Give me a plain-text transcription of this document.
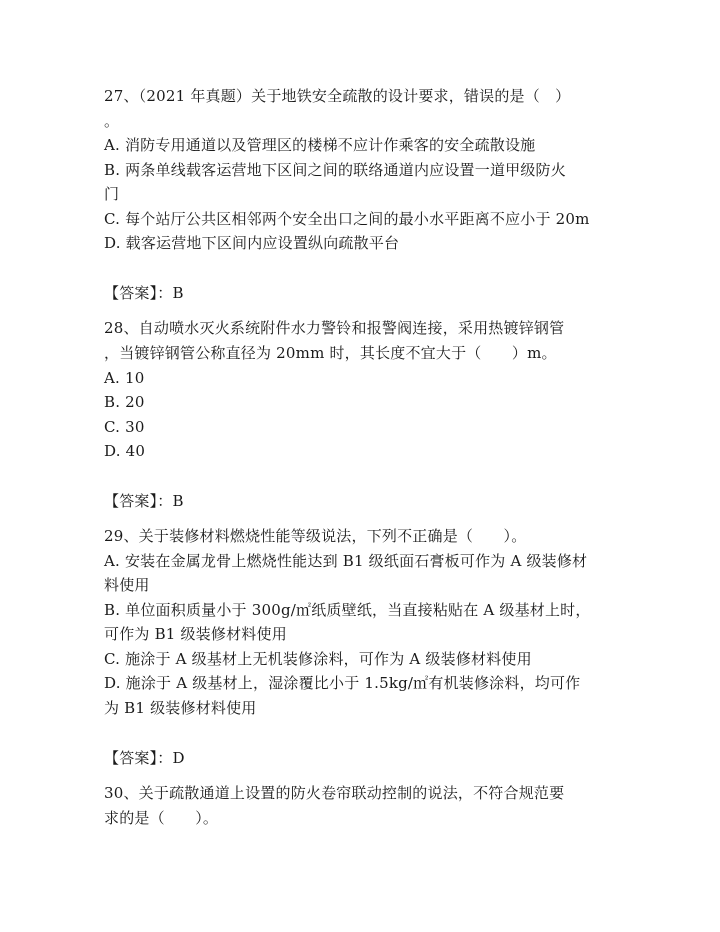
27、（2021 年真题）关于地铁安全疏散的设计要求，错误的是（　）
。
A. 消防专用通道以及管理区的楼梯不应计作乘客的安全疏散设施
B. 两条单线载客运营地下区间之间的联络通道内应设置一道甲级防火
门
C. 每个站厅公共区相邻两个安全出口之间的最小水平距离不应小于 20m
D. 载客运营地下区间内应设置纵向疏散平台
【答案】：B
28、自动喷水灭火系统附件水力警铃和报警阀连接，采用热镀锌钢管
，当镀锌钢管公称直径为 20mm 时，其长度不宜大于（　　）m。
A. 10
B. 20
C. 30
D. 40
【答案】：B
29、关于装修材料燃烧性能等级说法，下列不正确是（　　）。
A. 安装在金属龙骨上燃烧性能达到 B1 级纸面石膏板可作为 A 级装修材
料使用
B. 单位面积质量小于 300g/㎡纸质壁纸，当直接粘贴在 A 级基材上时，
可作为 B1 级装修材料使用
C. 施涂于 A 级基材上无机装修涂料，可作为 A 级装修材料使用
D. 施涂于 A 级基材上，湿涂覆比小于 1.5kg/㎡有机装修涂料，均可作
为 B1 级装修材料使用
【答案】：D
30、关于疏散通道上设置的防火卷帘联动控制的说法，不符合规范要
求的是（　　）。
